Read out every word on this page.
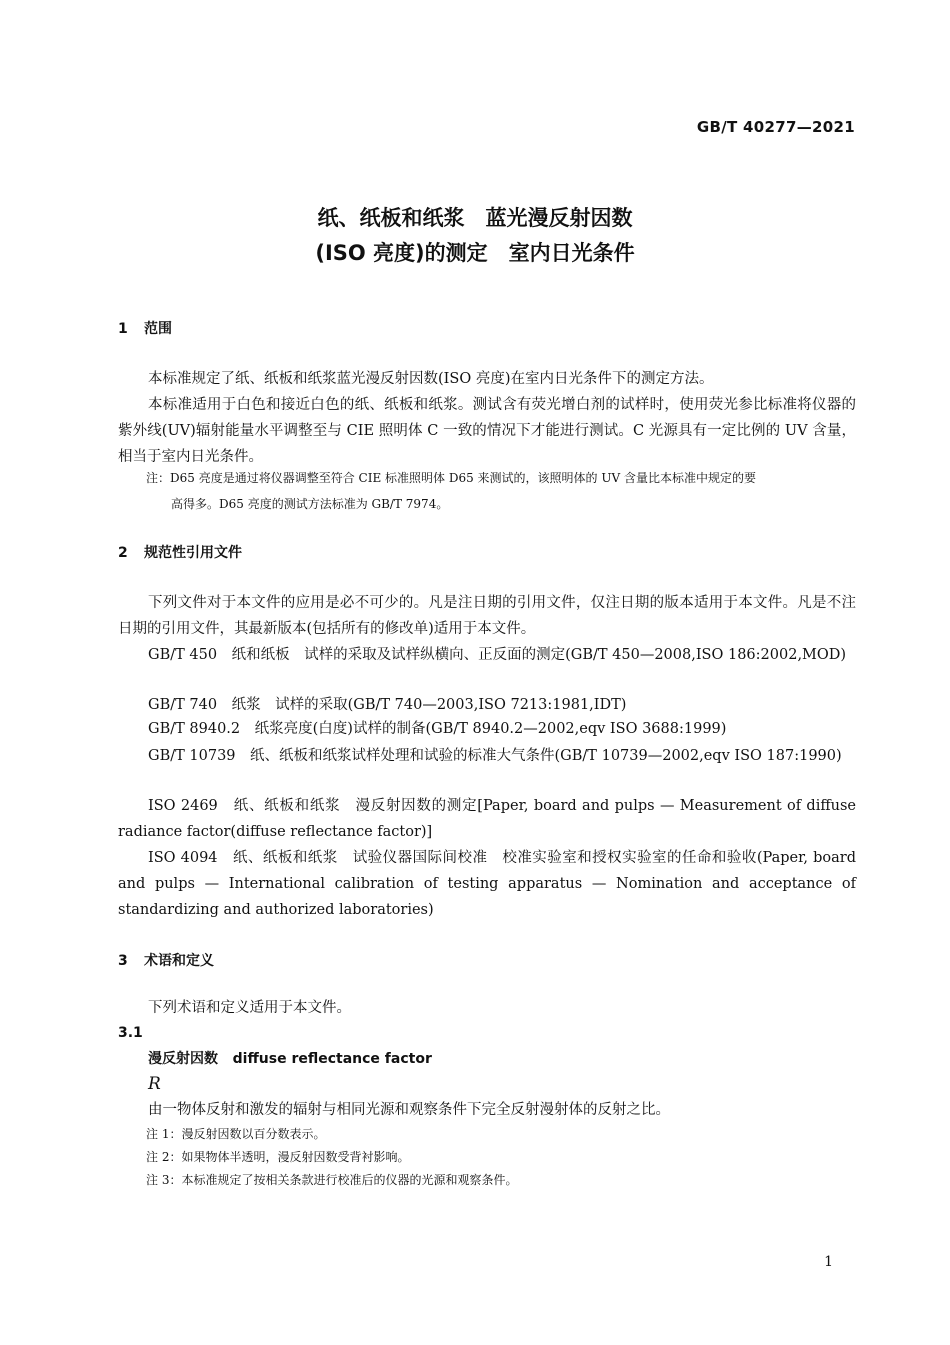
GB/T 40277—2021
纸、纸板和纸浆　蓝光漫反射因数
(ISO 亮度)的测定　室内日光条件
1 范围
本标准规定了纸、纸板和纸浆蓝光漫反射因数(ISO 亮度)在室内日光条件下的测定方法。
本标准适用于白色和接近白色的纸、纸板和纸浆。测试含有荧光增白剂的试样时，使用荧光参比标准将仪器的紫外线(UV)辐射能量水平调整至与 CIE 照明体 C 一致的情况下才能进行测试。C 光源具有一定比例的 UV 含量，相当于室内日光条件。
注：D65 亮度是通过将仪器调整至符合 CIE 标准照明体 D65 来测试的，该照明体的 UV 含量比本标准中规定的要
高得多。D65 亮度的测试方法标准为 GB/T 7974。
2 规范性引用文件
下列文件对于本文件的应用是必不可少的。凡是注日期的引用文件，仅注日期的版本适用于本文件。凡是不注日期的引用文件，其最新版本(包括所有的修改单)适用于本文件。
GB/T 450　纸和纸板　试样的采取及试样纵横向、正反面的测定(GB/T 450—2008,ISO 186:2002,MOD)
GB/T 740　纸浆　试样的采取(GB/T 740—2003,ISO 7213:1981,IDT)
GB/T 8940.2　纸浆亮度(白度)试样的制备(GB/T 8940.2—2002,eqv ISO 3688:1999)
GB/T 10739　纸、纸板和纸浆试样处理和试验的标准大气条件(GB/T 10739—2002,eqv ISO 187:1990)
ISO 2469　纸、纸板和纸浆　漫反射因数的测定[Paper, board and pulps — Measurement of diffuse radiance factor(diffuse reflectance factor)]
ISO 4094　纸、纸板和纸浆　试验仪器国际间校准　校准实验室和授权实验室的任命和验收(Paper, board and pulps — International calibration of testing apparatus — Nomination and acceptance of standardizing and authorized laboratories)
3 术语和定义
下列术语和定义适用于本文件。
3.1
漫反射因数 diffuse reflectance factor
R
由一物体反射和激发的辐射与相同光源和观察条件下完全反射漫射体的反射之比。
注 1：漫反射因数以百分数表示。
注 2：如果物体半透明，漫反射因数受背衬影响。
注 3：本标准规定了按相关条款进行校准后的仪器的光源和观察条件。
1
